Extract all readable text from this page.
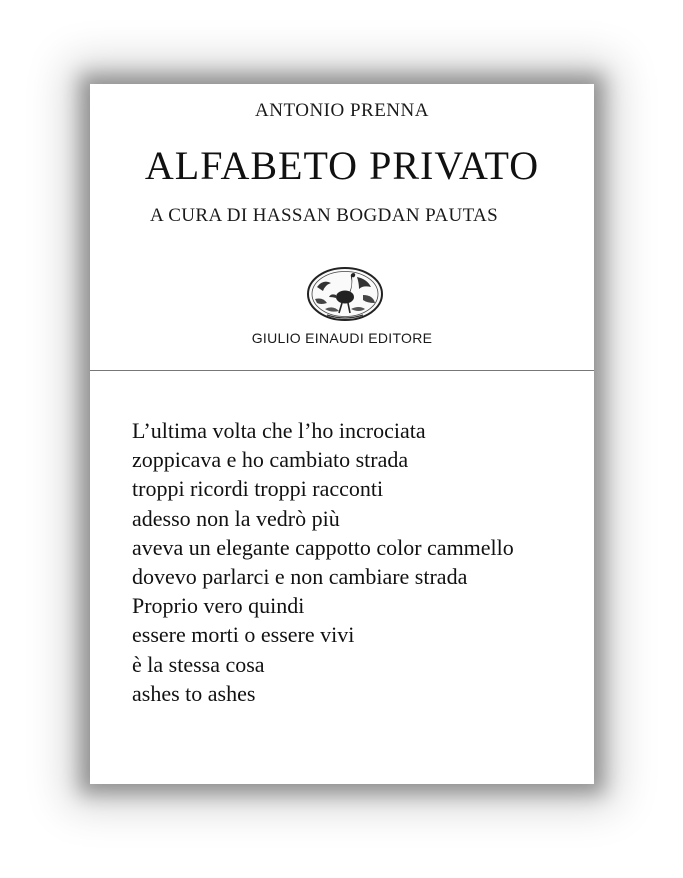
ANTONIO PRENNA
ALFABETO PRIVATO
A CURA DI HASSAN BOGDAN PAUTAS
GIULIO EINAUDI EDITORE
L’ultima volta che l’ho incrociata
zoppicava e ho cambiato strada
troppi ricordi troppi racconti
adesso non la vedrò più
aveva un elegante cappotto color cammello
dovevo parlarci e non cambiare strada
Proprio vero quindi
essere morti o essere vivi
è la stessa cosa
ashes to ashes
